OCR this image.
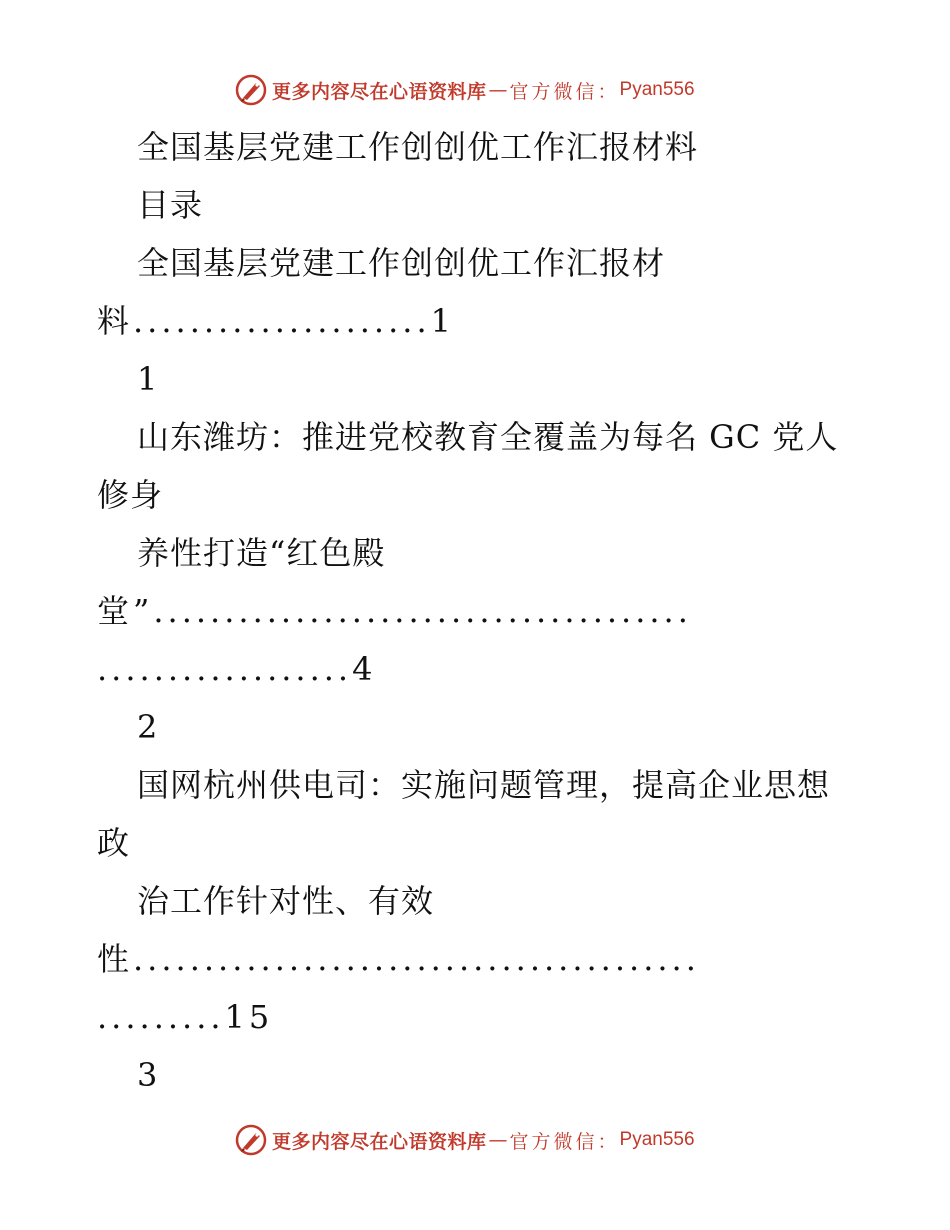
更多内容尽在心语资料库 — 官方微信： Pyan556
全国基层党建工作创创优工作汇报材料
目录
全国基层党建工作创创优工作汇报材
料.....................1
1
山东潍坊：推进党校教育全覆盖为每名 GC 党人
修身
养性打造“红色殿
堂”......................................
..................4
2
国网杭州供电司：实施问题管理，提高企业思想
政
治工作针对性、有效
性........................................
.........15
3
更多内容尽在心语资料库 — 官方微信： Pyan556
